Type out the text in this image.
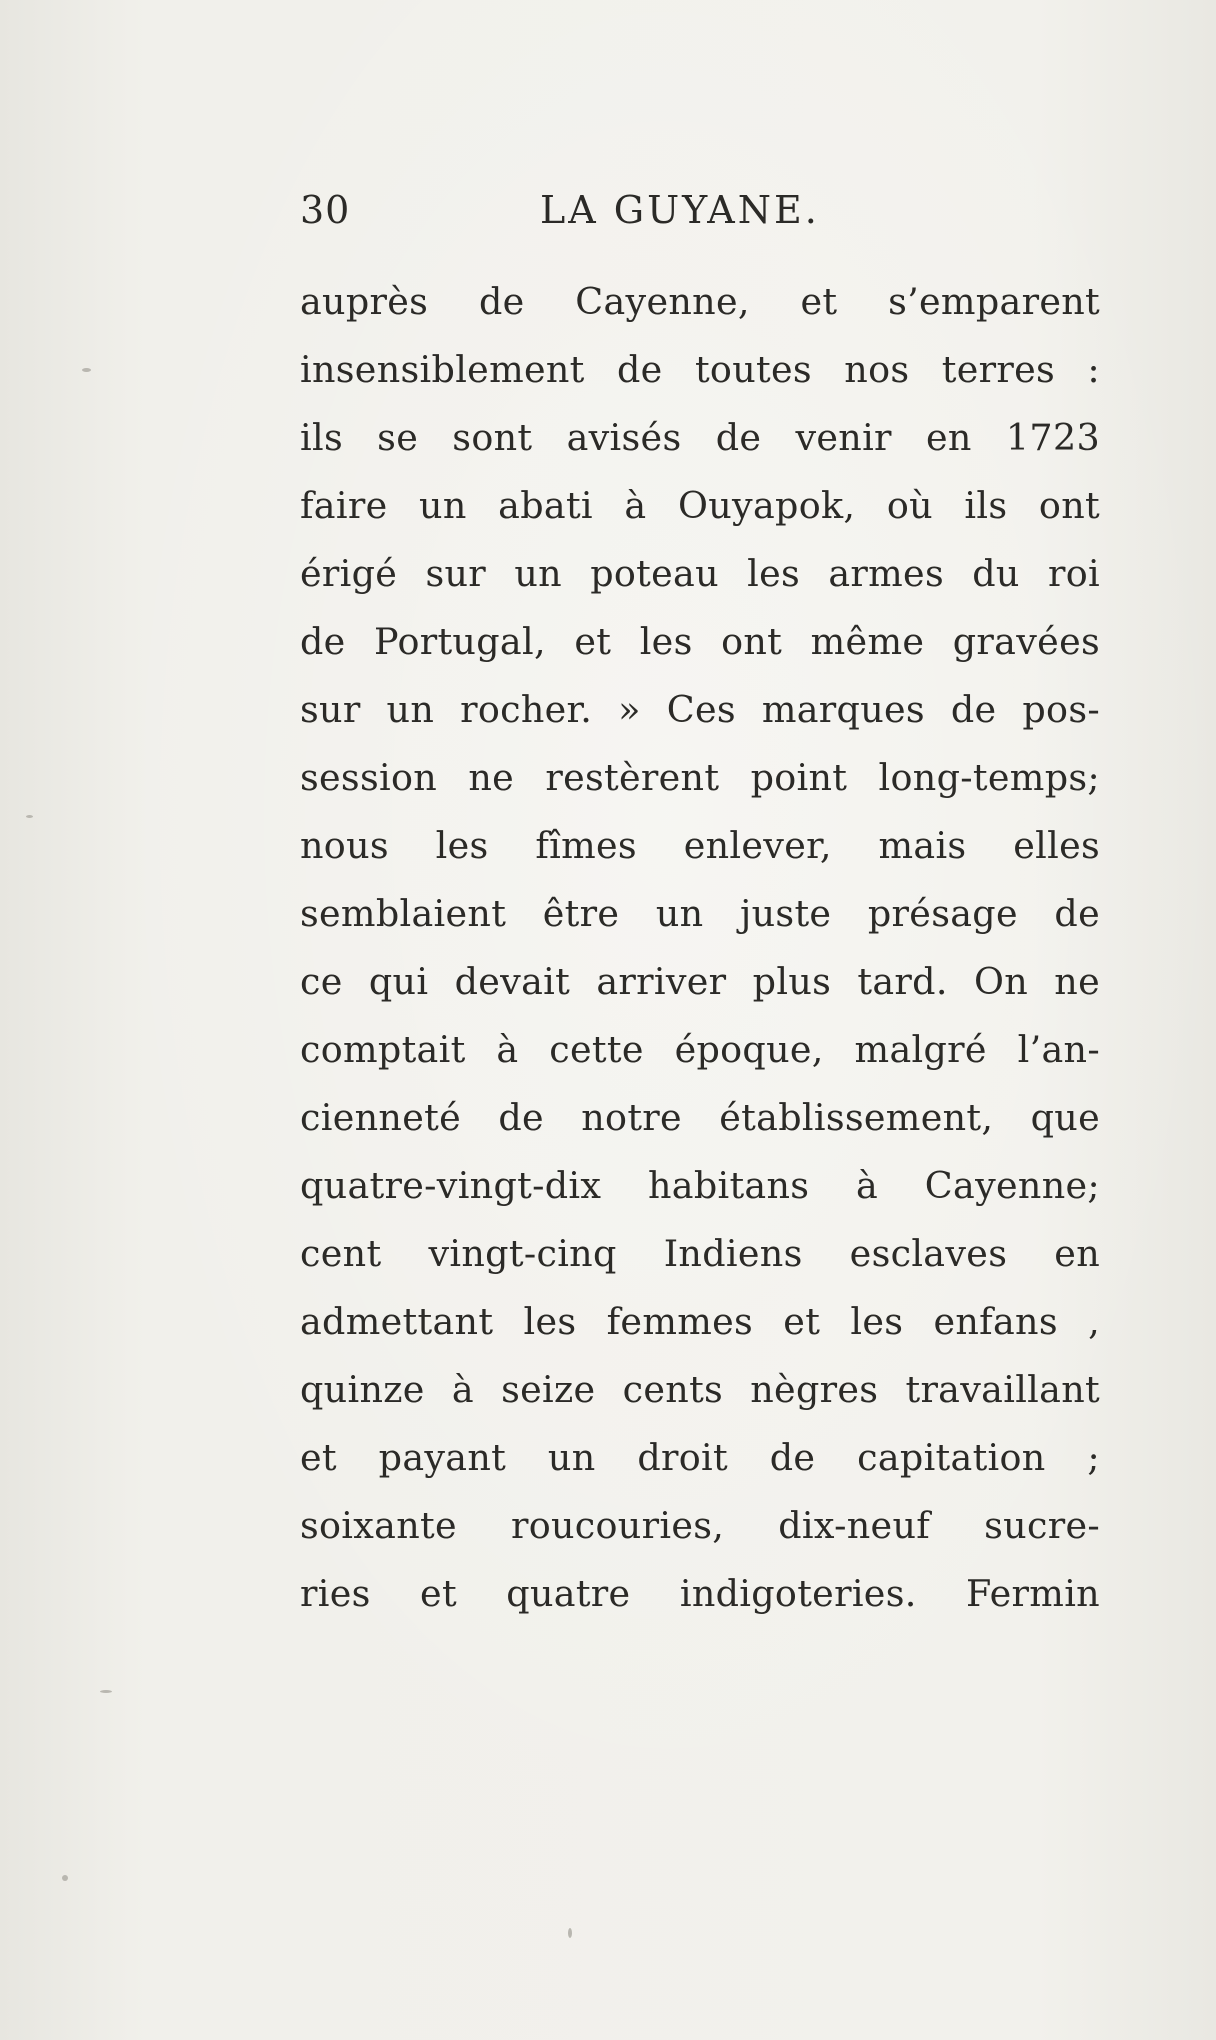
30	LA GUYANE.
auprès de Cayenne, et s’emparent
insensiblement de toutes nos terres :
ils se sont avisés de venir en 1723
faire un abati à Ouyapok, où ils ont
érigé sur un poteau les armes du roi
de Portugal, et les ont même gravées
sur un rocher. » Ces marques de pos-
session ne restèrent point long-temps;
nous les fîmes enlever, mais elles
semblaient être un juste présage de
ce qui devait arriver plus tard. On ne
comptait à cette époque, malgré l’an-
cienneté de notre établissement, que
quatre-vingt-dix habitans à Cayenne;
cent vingt-cinq Indiens esclaves en
admettant les femmes et les enfans ,
quinze à seize cents nègres travaillant
et payant un droit de capitation ;
soixante roucouries, dix-neuf sucre-
ries et quatre indigoteries. Fermin
